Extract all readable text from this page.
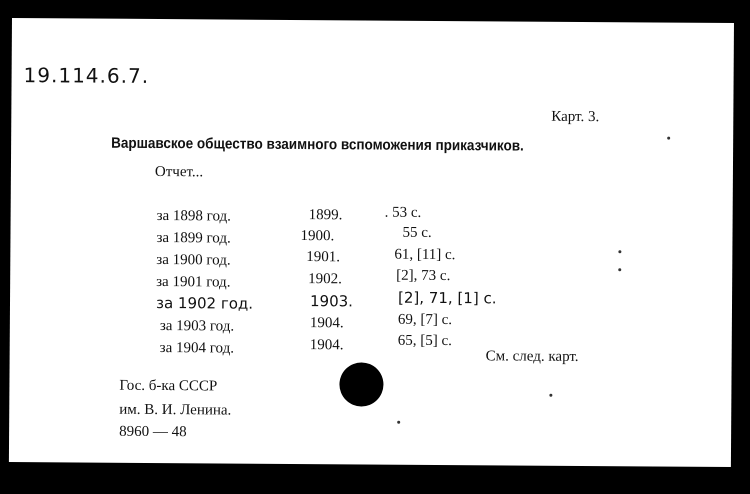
19.114.6.7.
Карт. 3.
Варшавское общество взаимного вспоможения приказчиков.
Отчет...
за 1898 год.	1899.	. 53 с.
за 1899 год.	1900.	55 с.
за 1900 год.	1901.	61, [11] с.
за 1901 год.	1902.	[2], 73 с.
за 1902 год.	1903.	[2], 71, [1] с.
за 1903 год.	1904.	69, [7] с.
за 1904 год.	1904.	65, [5] с.
См. след. карт.
Гос. б-ка СССР
им. В. И. Ленина.
8960 — 48
